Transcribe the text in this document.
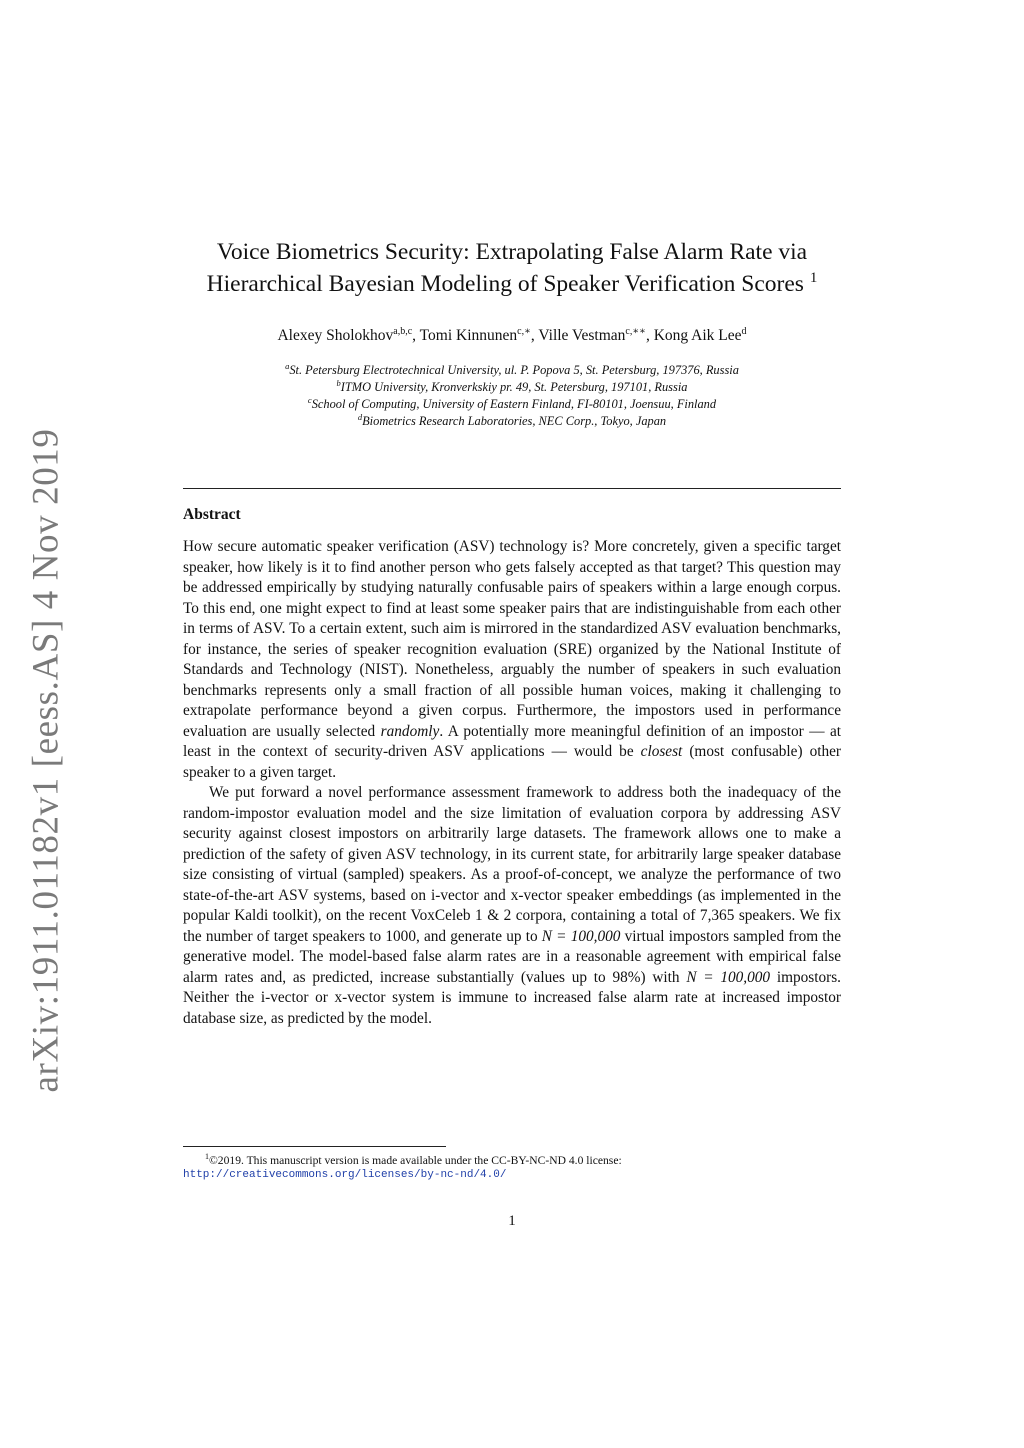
arXiv:1911.01182v1 [eess.AS] 4 Nov 2019
Voice Biometrics Security: Extrapolating False Alarm Rate via
Hierarchical Bayesian Modeling of Speaker Verification Scores $^1$
Alexey Sholokhov$^{a,b,c}$, Tomi Kinnunen$^{c,∗}$, Ville Vestman$^{c,∗∗}$, Kong Aik Lee$^d$
$^a$St. Petersburg Electrotechnical University, ul. P. Popova 5, St. Petersburg, 197376, Russia
$^b$ITMO University, Kronverkskiy pr. 49, St. Petersburg, 197101, Russia
$^c$School of Computing, University of Eastern Finland, FI-80101, Joensuu, Finland
$^d$Biometrics Research Laboratories, NEC Corp., Tokyo, Japan
Abstract

How secure automatic speaker verification (ASV) technology is? More concretely, given a specific target speaker, how likely is it to find another person who gets falsely accepted as that target? This question may be addressed empirically by studying naturally confusable pairs of speakers within a large enough corpus. To this end, one might expect to find at least some speaker pairs that are indistinguishable from each other in terms of ASV. To a certain extent, such aim is mirrored in the standardized ASV evaluation benchmarks, for instance, the series of speaker recognition evaluation (SRE) organized by the National Institute of Standards and Technology (NIST). Nonetheless, arguably the number of speakers in such evaluation benchmarks represents only a small fraction of all possible human voices, making it challenging to extrapolate performance beyond a given corpus. Furthermore, the impostors used in performance evaluation are usually selected randomly. A potentially more meaningful definition of an impostor — at least in the context of security-driven ASV applications — would be closest (most confusable) other speaker to a given target.

We put forward a novel performance assessment framework to address both the inadequacy of the random-impostor evaluation model and the size limitation of evaluation corpora by addressing ASV security against closest impostors on arbitrarily large datasets. The framework allows one to make a prediction of the safety of given ASV technology, in its current state, for arbitrarily large speaker database size consisting of virtual (sampled) speakers. As a proof-of-concept, we analyze the performance of two state-of-the-art ASV systems, based on i-vector and x-vector speaker embeddings (as implemented in the popular Kaldi toolkit), on the recent VoxCeleb 1 & 2 corpora, containing a total of 7,365 speakers. We fix the number of target speakers to 1000, and generate up to N = 100,000 virtual impostors sampled from the generative model. The model-based false alarm rates are in a reasonable agreement with empirical false alarm rates and, as predicted, increase substantially (values up to 98%) with N = 100,000 impostors. Neither the i-vector or x-vector system is immune to increased false alarm rate at increased impostor database size, as predicted by the model.

$^1$©2019. This manuscript version is made available under the CC-BY-NC-ND 4.0 license:
http://creativecommons.org/licenses/by-nc-nd/4.0/
1
